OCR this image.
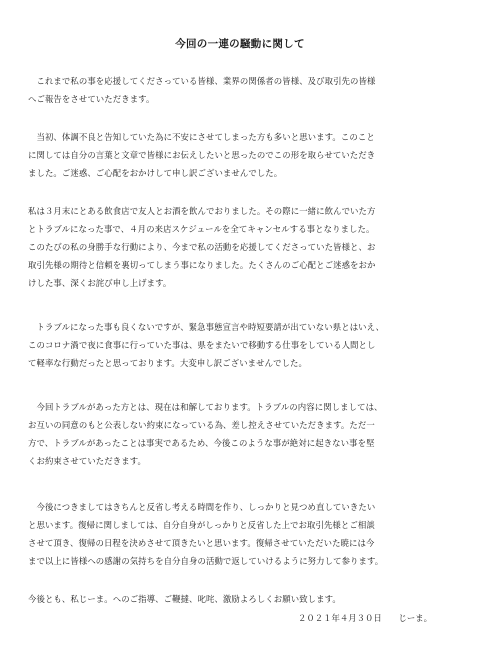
今回の一連の騒動に関して
　これまで私の事を応援してくださっている皆様、業界の関係者の皆様、及び取引先の皆様
へご報告をさせていただきます。
　当初、体調不良と告知していた為に不安にさせてしまった方も多いと思います。このこと
に関しては自分の言葉と文章で皆様にお伝えしたいと思ったのでこの形を取らせていただき
ました。ご迷惑、ご心配をおかけして申し訳ございませんでした。
私は３月末にとある飲食店で友人とお酒を飲んでおりました。その際に一緒に飲んでいた方
とトラブルになった事で、４月の来店スケジュールを全てキャンセルする事となりました。
このたびの私の身勝手な行動により、今まで私の活動を応援してくださっていた皆様と、お
取引先様の期待と信頼を裏切ってしまう事になりました。たくさんのご心配とご迷惑をおか
けした事、深くお詫び申し上げます。
　トラブルになった事も良くないですが、緊急事態宣言や時短要請が出ていない県とはいえ、
このコロナ渦で夜に食事に行っていた事は、県をまたいで移動する仕事をしている人間とし
て軽率な行動だったと思っております。大変申し訳ございませんでした。
　今回トラブルがあった方とは、現在は和解しております。トラブルの内容に関しましては、
お互いの同意のもと公表しない約束になっている為、差し控えさせていただきます。ただ一
方で、トラブルがあったことは事実であるため、今後このような事が絶対に起きない事を堅
くお約束させていただきます。
　今後につきましてはきちんと反省し考える時間を作り、しっかりと見つめ直していきたい
と思います。復帰に関しましては、自分自身がしっかりと反省した上でお取引先様とご相談
させて頂き、復帰の日程を決めさせて頂きたいと思います。復帰させていただいた暁には今
まで以上に皆様への感謝の気持ちを自分自身の活動で返していけるように努力して参ります。
今後とも、私じーま。へのご指導、ご鞭撻、叱咤、激励よろしくお願い致します。
２０２１年４月３０日　　 じーま。
